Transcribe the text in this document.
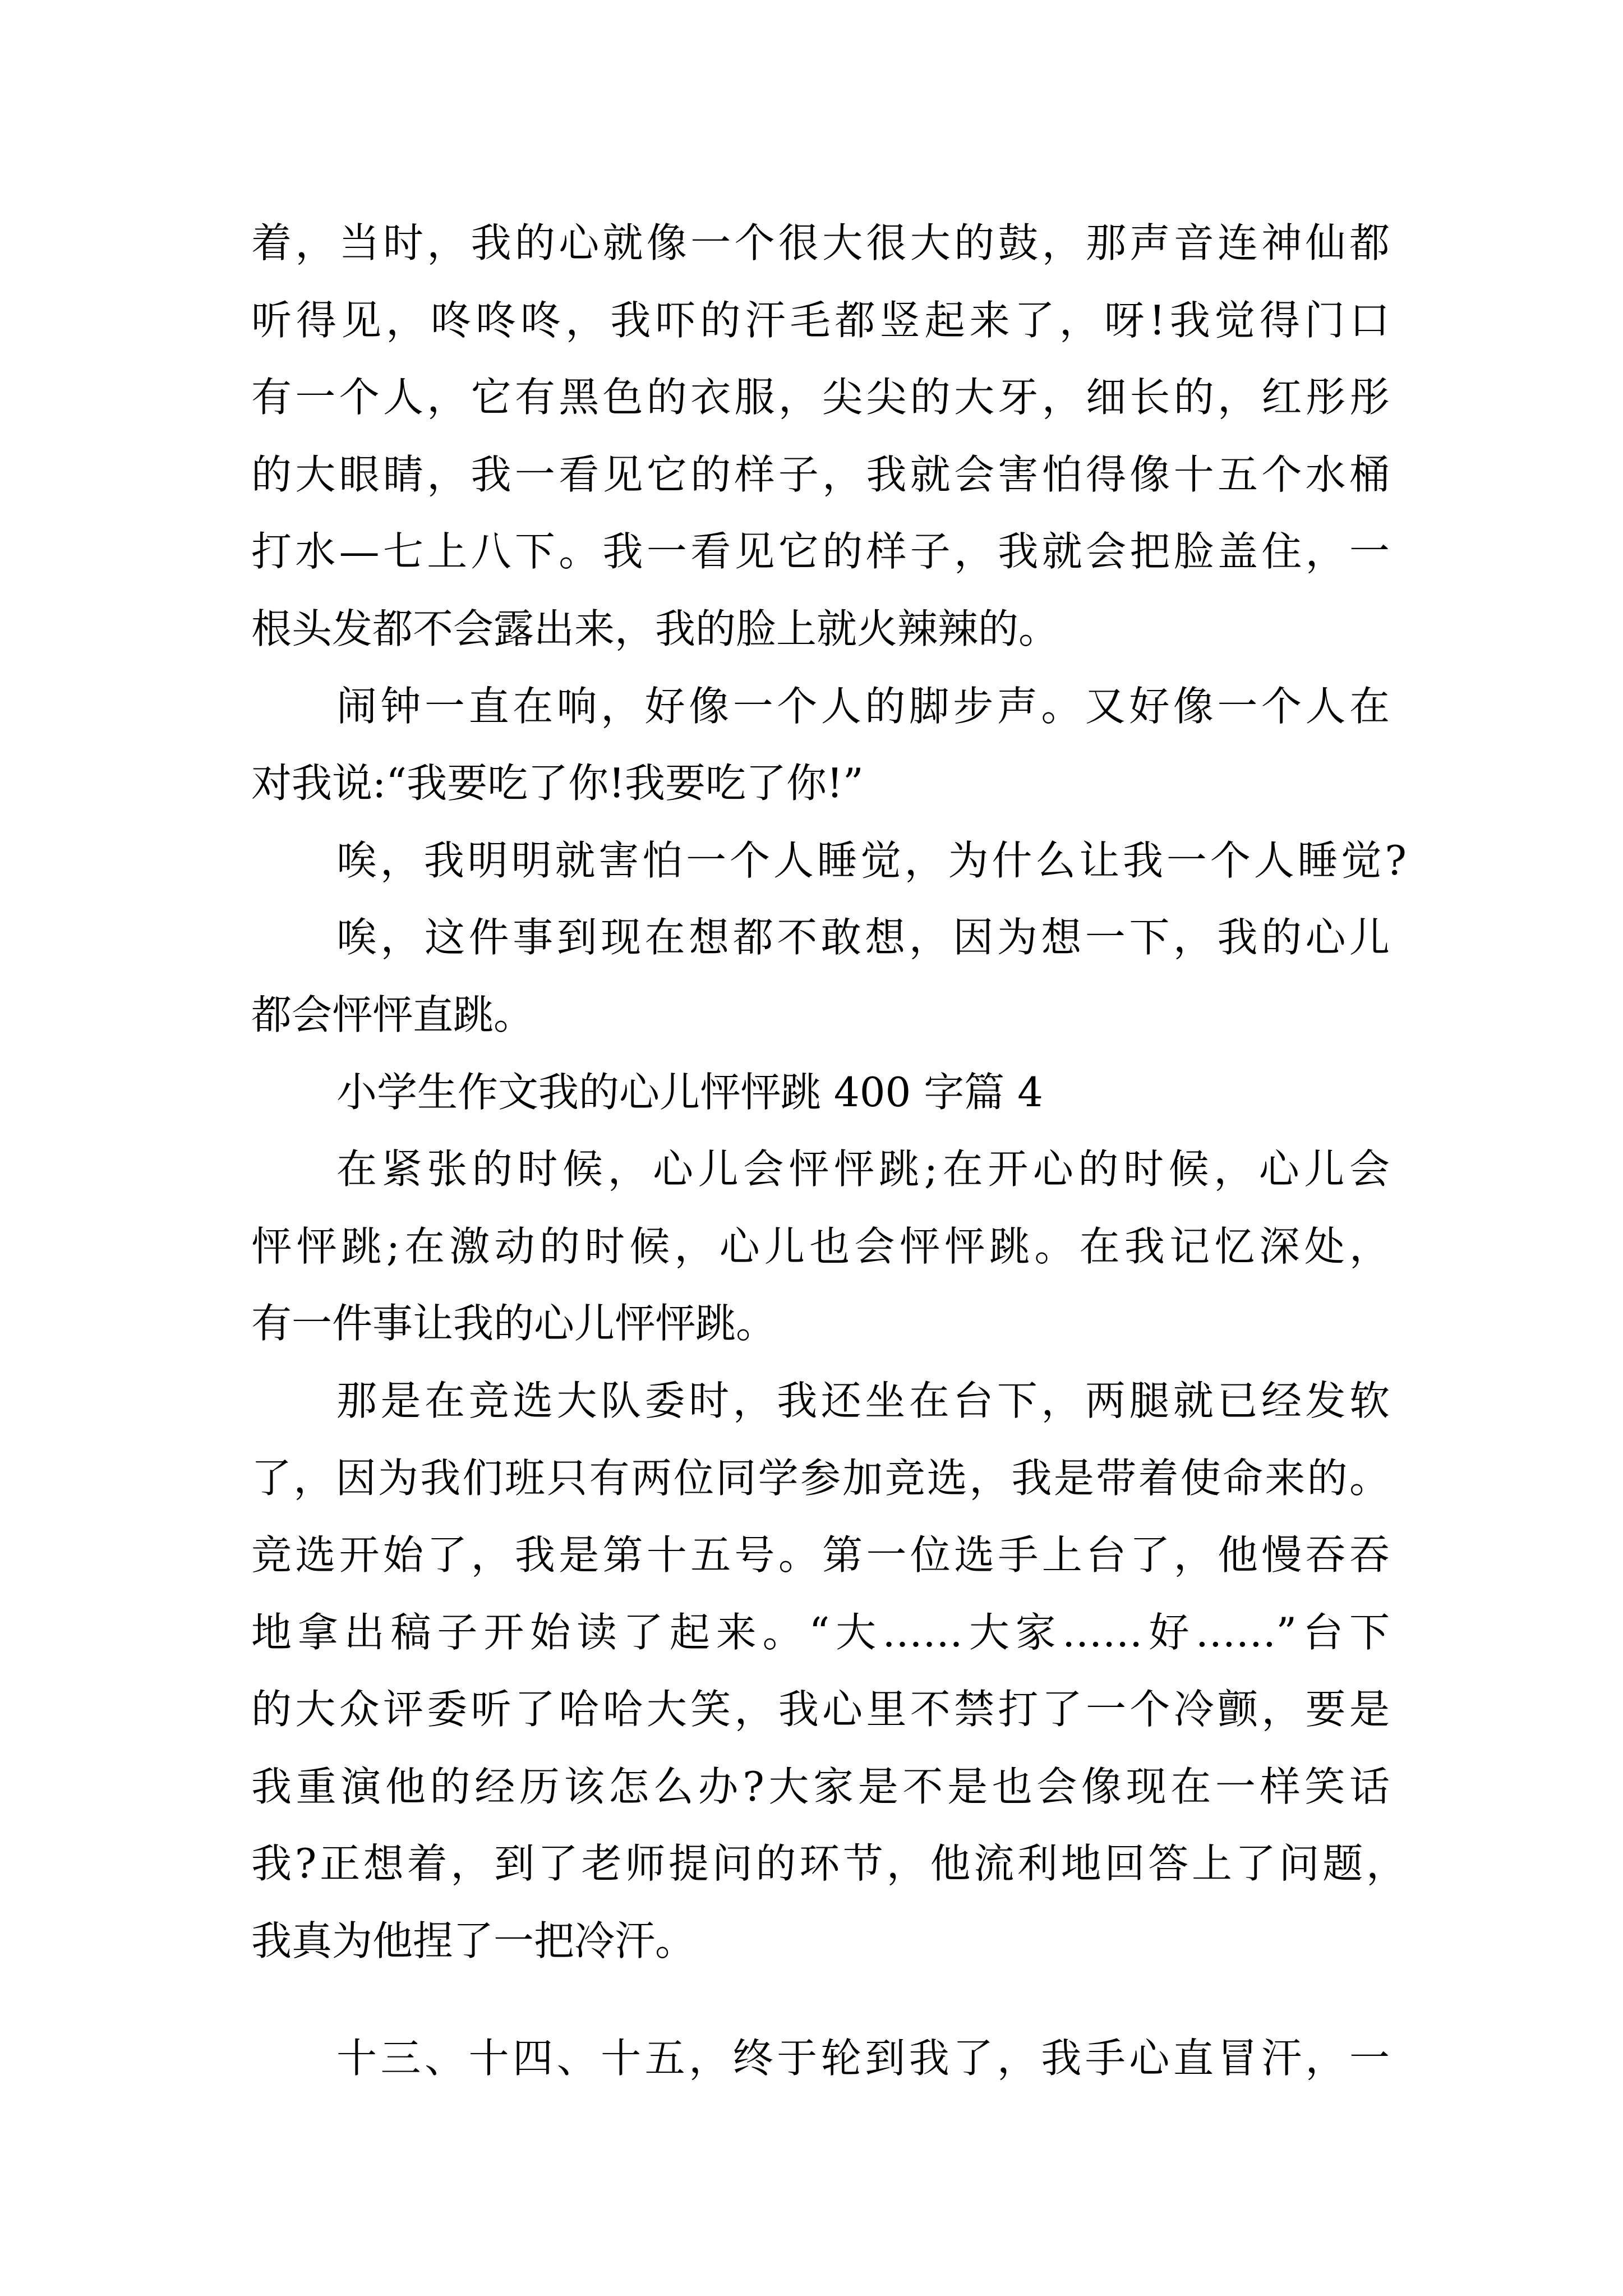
着，当时，我的心就像一个很大很大的鼓，那声音连神仙都
听得见，咚咚咚，我吓的汗毛都竖起来了，呀!我觉得门口
有一个人，它有黑色的衣服，尖尖的大牙，细长的，红彤彤
的大眼睛，我一看见它的样子，我就会害怕得像十五个水桶
打水—七上八下。我一看见它的样子，我就会把脸盖住，一
根头发都不会露出来，我的脸上就火辣辣的。
闹钟一直在响，好像一个人的脚步声。又好像一个人在
对我说:“我要吃了你!我要吃了你!”
唉，我明明就害怕一个人睡觉，为什么让我一个人睡觉?
唉，这件事到现在想都不敢想，因为想一下，我的心儿
都会怦怦直跳。
小学生作文我的心儿怦怦跳 400 字篇 4
在紧张的时候，心儿会怦怦跳;在开心的时候，心儿会
怦怦跳;在激动的时候，心儿也会怦怦跳。在我记忆深处，
有一件事让我的心儿怦怦跳。
那是在竞选大队委时，我还坐在台下，两腿就已经发软
了，因为我们班只有两位同学参加竞选，我是带着使命来的。
竞选开始了，我是第十五号。第一位选手上台了，他慢吞吞
地拿出稿子开始读了起来。“大……大家……好……”台下
的大众评委听了哈哈大笑，我心里不禁打了一个冷颤，要是
我重演他的经历该怎么办?大家是不是也会像现在一样笑话
我?正想着，到了老师提问的环节，他流利地回答上了问题，
我真为他捏了一把冷汗。
十三、十四、十五，终于轮到我了，我手心直冒汗，一
